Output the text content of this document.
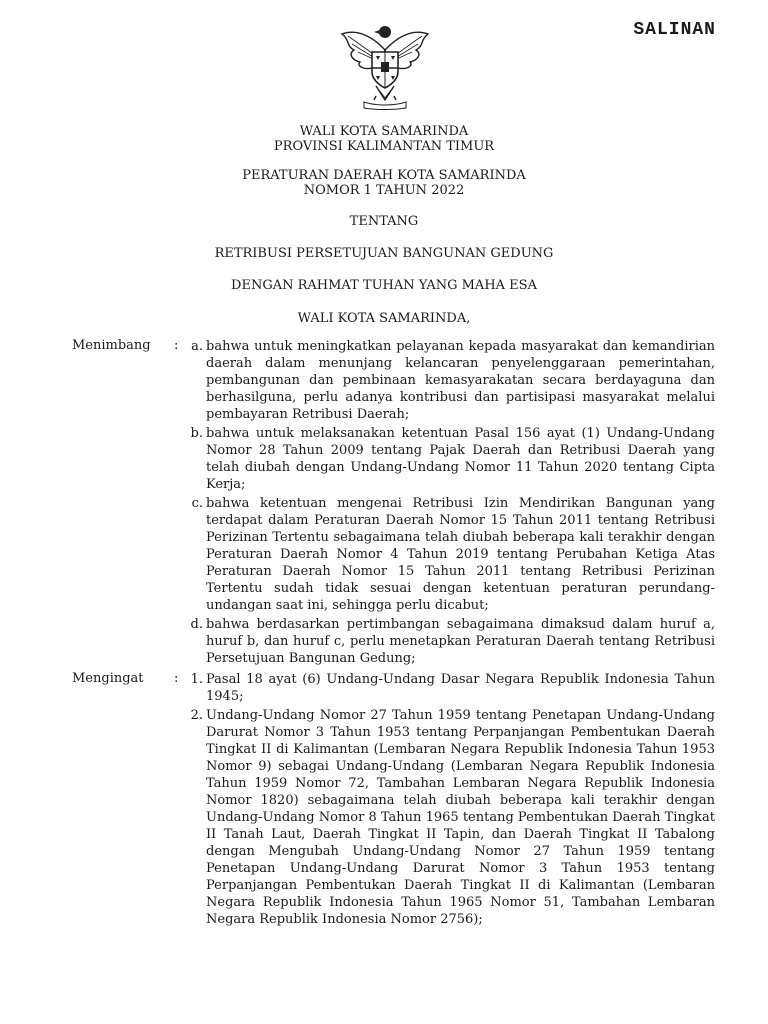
SALINAN
WALI KOTA SAMARINDA
PROVINSI KALIMANTAN TIMUR
PERATURAN DAERAH KOTA SAMARINDA
NOMOR 1 TAHUN 2022
TENTANG
RETRIBUSI PERSETUJUAN BANGUNAN GEDUNG
DENGAN RAHMAT TUHAN YANG MAHA ESA
WALI KOTA SAMARINDA,
Menimbang : a. bahwa untuk meningkatkan pelayanan kepada masyarakat dan kemandirian daerah dalam menunjang kelancaran penyelenggaraan pemerintahan, pembangunan dan pembinaan kemasyarakatan secara berdayaguna dan berhasilguna, perlu adanya kontribusi dan partisipasi masyarakat melalui pembayaran Retribusi Daerah;
b. bahwa untuk melaksanakan ketentuan Pasal 156 ayat (1) Undang-Undang Nomor 28 Tahun 2009 tentang Pajak Daerah dan Retribusi Daerah yang telah diubah dengan Undang-Undang Nomor 11 Tahun 2020 tentang Cipta Kerja;
c. bahwa ketentuan mengenai Retribusi Izin Mendirikan Bangunan yang terdapat dalam Peraturan Daerah Nomor 15 Tahun 2011 tentang Retribusi Perizinan Tertentu sebagaimana telah diubah beberapa kali terakhir dengan Peraturan Daerah Nomor 4 Tahun 2019 tentang Perubahan Ketiga Atas Peraturan Daerah Nomor 15 Tahun 2011 tentang Retribusi Perizinan Tertentu sudah tidak sesuai dengan ketentuan peraturan perundang-undangan saat ini, sehingga perlu dicabut;
d. bahwa berdasarkan pertimbangan sebagaimana dimaksud dalam huruf a, huruf b, dan huruf c, perlu menetapkan Peraturan Daerah tentang Retribusi Persetujuan Bangunan Gedung;
Mengingat : 1. Pasal 18 ayat (6) Undang-Undang Dasar Negara Republik Indonesia Tahun 1945;
2. Undang-Undang Nomor 27 Tahun 1959 tentang Penetapan Undang-Undang Darurat Nomor 3 Tahun 1953 tentang Perpanjangan Pembentukan Daerah Tingkat II di Kalimantan (Lembaran Negara Republik Indonesia Tahun 1953 Nomor 9) sebagai Undang-Undang (Lembaran Negara Republik Indonesia Tahun 1959 Nomor 72, Tambahan Lembaran Negara Republik Indonesia Nomor 1820) sebagaimana telah diubah beberapa kali terakhir dengan Undang-Undang Nomor 8 Tahun 1965 tentang Pembentukan Daerah Tingkat II Tanah Laut, Daerah Tingkat II Tapin, dan Daerah Tingkat II Tabalong dengan Mengubah Undang-Undang Nomor 27 Tahun 1959 tentang Penetapan Undang-Undang Darurat Nomor 3 Tahun 1953 tentang Perpanjangan Pembentukan Daerah Tingkat II di Kalimantan (Lembaran Negara Republik Indonesia Tahun 1965 Nomor 51, Tambahan Lembaran Negara Republik Indonesia Nomor 2756);
